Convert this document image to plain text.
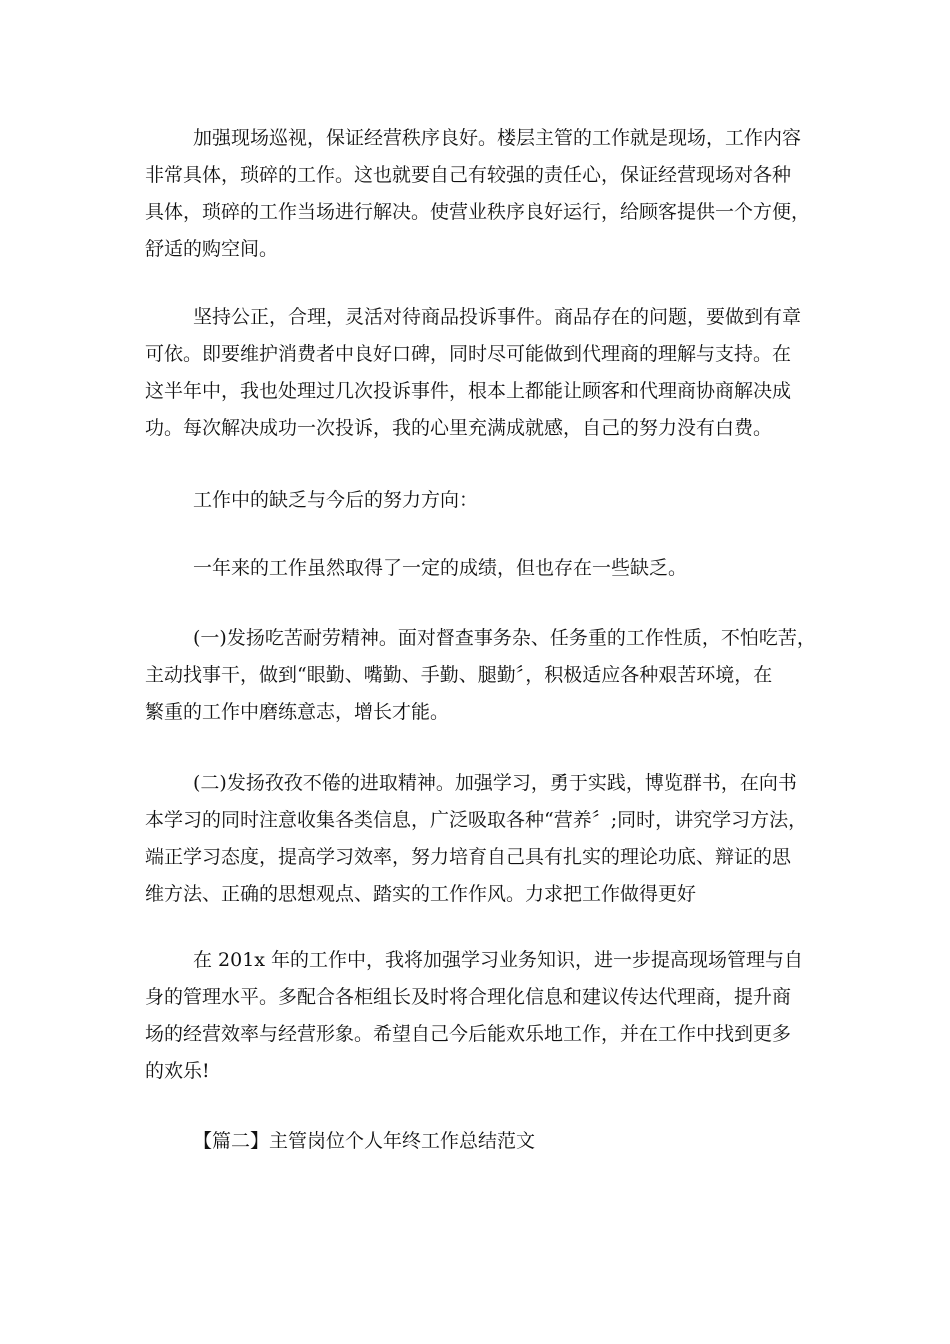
加强现场巡视，保证经营秩序良好。楼层主管的工作就是现场，工作内容
非常具体，琐碎的工作。这也就要自己有较强的责任心，保证经营现场对各种
具体，琐碎的工作当场进行解决。使营业秩序良好运行，给顾客提供一个方便，
舒适的购空间。
坚持公正，合理，灵活对待商品投诉事件。商品存在的问题，要做到有章
可依。即要维护消费者中良好口碑，同时尽可能做到代理商的理解与支持。在
这半年中，我也处理过几次投诉事件，根本上都能让顾客和代理商协商解决成
功。每次解决成功一次投诉，我的心里充满成就感，自己的努力没有白费。
工作中的缺乏与今后的努力方向：
一年来的工作虽然取得了一定的成绩，但也存在一些缺乏。
(一)发扬吃苦耐劳精神。面对督查事务杂、任务重的工作性质，不怕吃苦，
主动找事干，做到“眼勤、嘴勤、手勤、腿勤〞，积极适应各种艰苦环境，在
繁重的工作中磨练意志，增长才能。
(二)发扬孜孜不倦的进取精神。加强学习，勇于实践，博览群书，在向书
本学习的同时注意收集各类信息，广泛吸取各种“营养〞;同时，讲究学习方法，
端正学习态度，提高学习效率，努力培育自己具有扎实的理论功底、辩证的思
维方法、正确的思想观点、踏实的工作作风。力求把工作做得更好
在 201x 年的工作中，我将加强学习业务知识，进一步提高现场管理与自
身的管理水平。多配合各柜组长及时将合理化信息和建议传达代理商，提升商
场的经营效率与经营形象。希望自己今后能欢乐地工作，并在工作中找到更多
的欢乐!
【篇二】主管岗位个人年终工作总结范文
